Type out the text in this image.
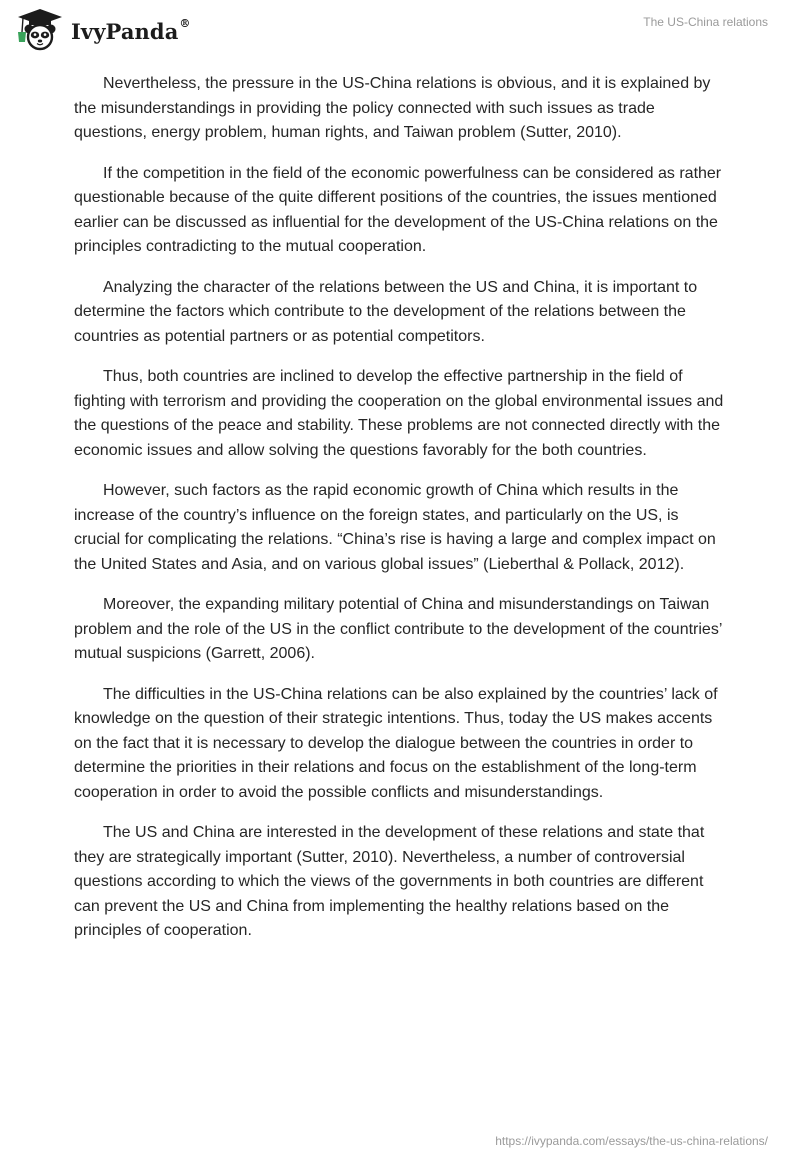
IvyPanda®	The US-China relations

Nevertheless, the pressure in the US-China relations is obvious, and it is explained by the misunderstandings in providing the policy connected with such issues as trade questions, energy problem, human rights, and Taiwan problem (Sutter, 2010).

If the competition in the field of the economic powerfulness can be considered as rather questionable because of the quite different positions of the countries, the issues mentioned earlier can be discussed as influential for the development of the US-China relations on the principles contradicting to the mutual cooperation.

Analyzing the character of the relations between the US and China, it is important to determine the factors which contribute to the development of the relations between the countries as potential partners or as potential competitors.

Thus, both countries are inclined to develop the effective partnership in the field of fighting with terrorism and providing the cooperation on the global environmental issues and the questions of the peace and stability. These problems are not connected directly with the economic issues and allow solving the questions favorably for the both countries.

However, such factors as the rapid economic growth of China which results in the increase of the country’s influence on the foreign states, and particularly on the US, is crucial for complicating the relations. “China’s rise is having a large and complex impact on the United States and Asia, and on various global issues” (Lieberthal & Pollack, 2012).

Moreover, the expanding military potential of China and misunderstandings on Taiwan problem and the role of the US in the conflict contribute to the development of the countries’ mutual suspicions (Garrett, 2006).

The difficulties in the US-China relations can be also explained by the countries’ lack of knowledge on the question of their strategic intentions. Thus, today the US makes accents on the fact that it is necessary to develop the dialogue between the countries in order to determine the priorities in their relations and focus on the establishment of the long-term cooperation in order to avoid the possible conflicts and misunderstandings.

The US and China are interested in the development of these relations and state that they are strategically important (Sutter, 2010). Nevertheless, a number of controversial questions according to which the views of the governments in both countries are different can prevent the US and China from implementing the healthy relations based on the principles of cooperation.

https://ivypanda.com/essays/the-us-china-relations/
